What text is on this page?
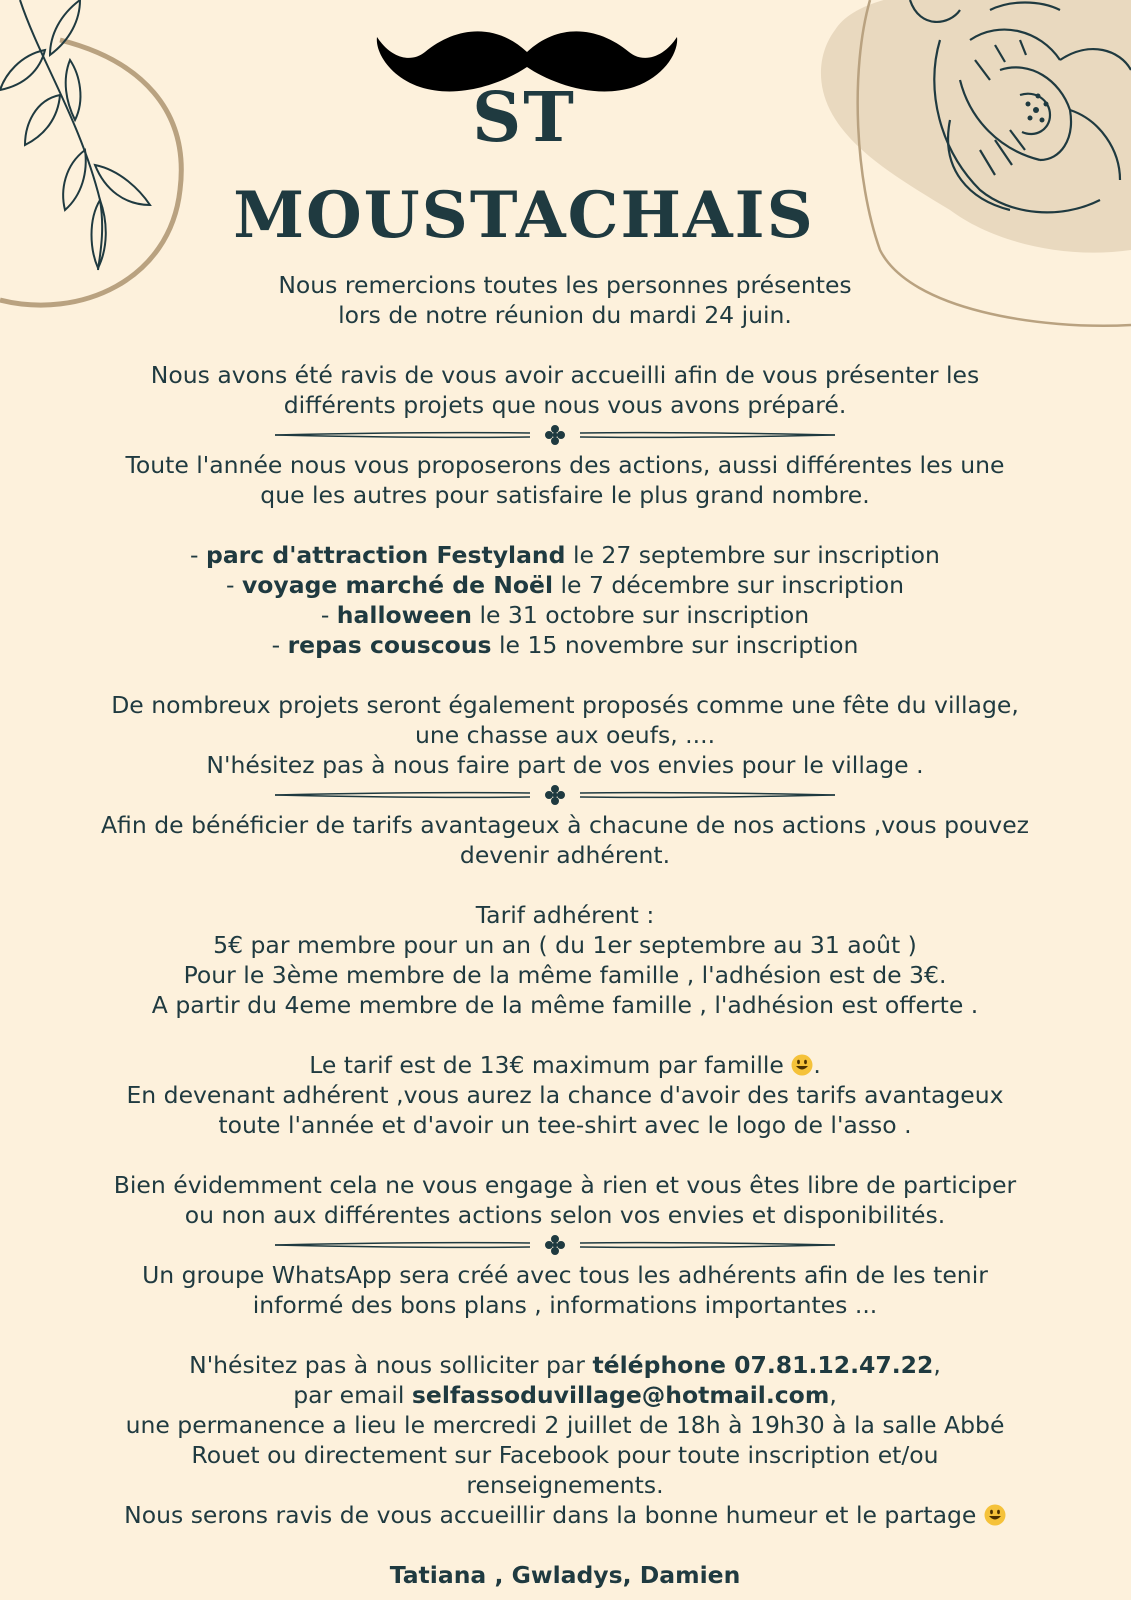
ST
MOUSTACHAIS

Nous remercions toutes les personnes présentes

lors de notre réunion du mardi 24 juin.

Nous avons été ravis de vous avoir accueilli afin de vous présenter les

différents projets que nous vous avons préparé.

Toute l'année nous vous proposerons des actions, aussi différentes les une

que les autres pour satisfaire le plus grand nombre.

- parc d'attraction Festyland le 27 septembre sur inscription

- voyage marché de Noël le 7 décembre sur inscription

- halloween le 31 octobre sur inscription

- repas couscous le 15 novembre sur inscription

De nombreux projets seront également proposés comme une fête du village,

une chasse aux oeufs, ....

N'hésitez pas à nous faire part de vos envies pour le village .

Afin de bénéficier de tarifs avantageux à chacune de nos actions ,vous pouvez

devenir adhérent.

Tarif adhérent :

5€ par membre pour un an ( du 1er septembre au 31 août )

Pour le 3ème membre de la même famille , l'adhésion est de 3€.

A partir du 4eme membre de la même famille , l'adhésion est offerte .

Le tarif est de 13€ maximum par famille .

En devenant adhérent ,vous aurez la chance d'avoir des tarifs avantageux

toute l'année et d'avoir un tee-shirt avec le logo de l'asso .

Bien évidemment cela ne vous engage à rien et vous êtes libre de participer

ou non aux différentes actions selon vos envies et disponibilités.

Un groupe WhatsApp sera créé avec tous les adhérents afin de les tenir

informé des bons plans , informations importantes ...

N'hésitez pas à nous solliciter par téléphone 07.81.12.47.22,

par email selfassoduvillage@hotmail.com,

une permanence a lieu le mercredi 2 juillet de 18h à 19h30 à la salle Abbé

Rouet ou directement sur Facebook pour toute inscription et/ou

renseignements.

Nous serons ravis de vous accueillir dans la bonne humeur et le partage

Tatiana , Gwladys, Damien
